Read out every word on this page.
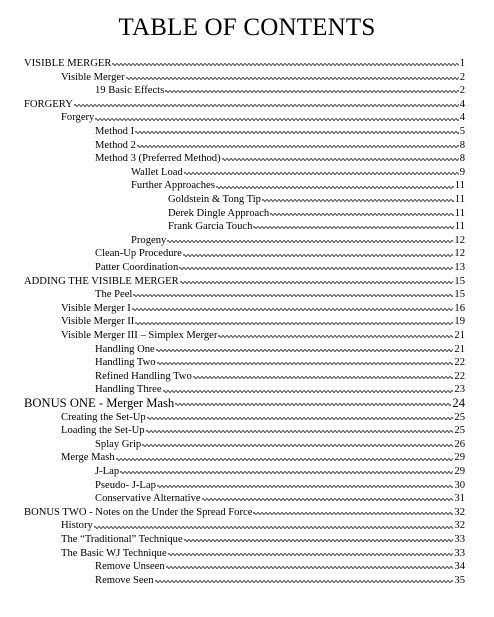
TABLE OF CONTENTS
VISIBLE MERGER	1
Visible Merger	2
19 Basic Effects	2
FORGERY	4
Forgery	4
Method I	5
Method 2	8
Method 3 (Preferred Method)	8
Wallet Load	9
Further Approaches	11
Goldstein & Tong Tip	11
Derek Dingle Approach	11
Frank Garcia Touch	11
Progeny	12
Clean-Up Procedure	12
Patter Coordination	13
ADDING THE VISIBLE MERGER	15
The Peel	15
Visible Merger I	16
Visible Merger II	19
Visible Merger III – Simplex Merger	21
Handling One	21
Handling Two	22
Refined Handling Two	22
Handling Three	23
BONUS ONE - Merger Mash	24
Creating the Set-Up	25
Loading the Set-Up	25
Splay Grip	26
Merge Mash	29
J-Lap	29
Pseudo- J-Lap	30
Conservative Alternative	31
BONUS TWO - Notes on the Under the Spread Force	32
History	32
The “Traditional” Technique	33
The Basic WJ Technique	33
Remove Unseen	34
Remove Seen	35
